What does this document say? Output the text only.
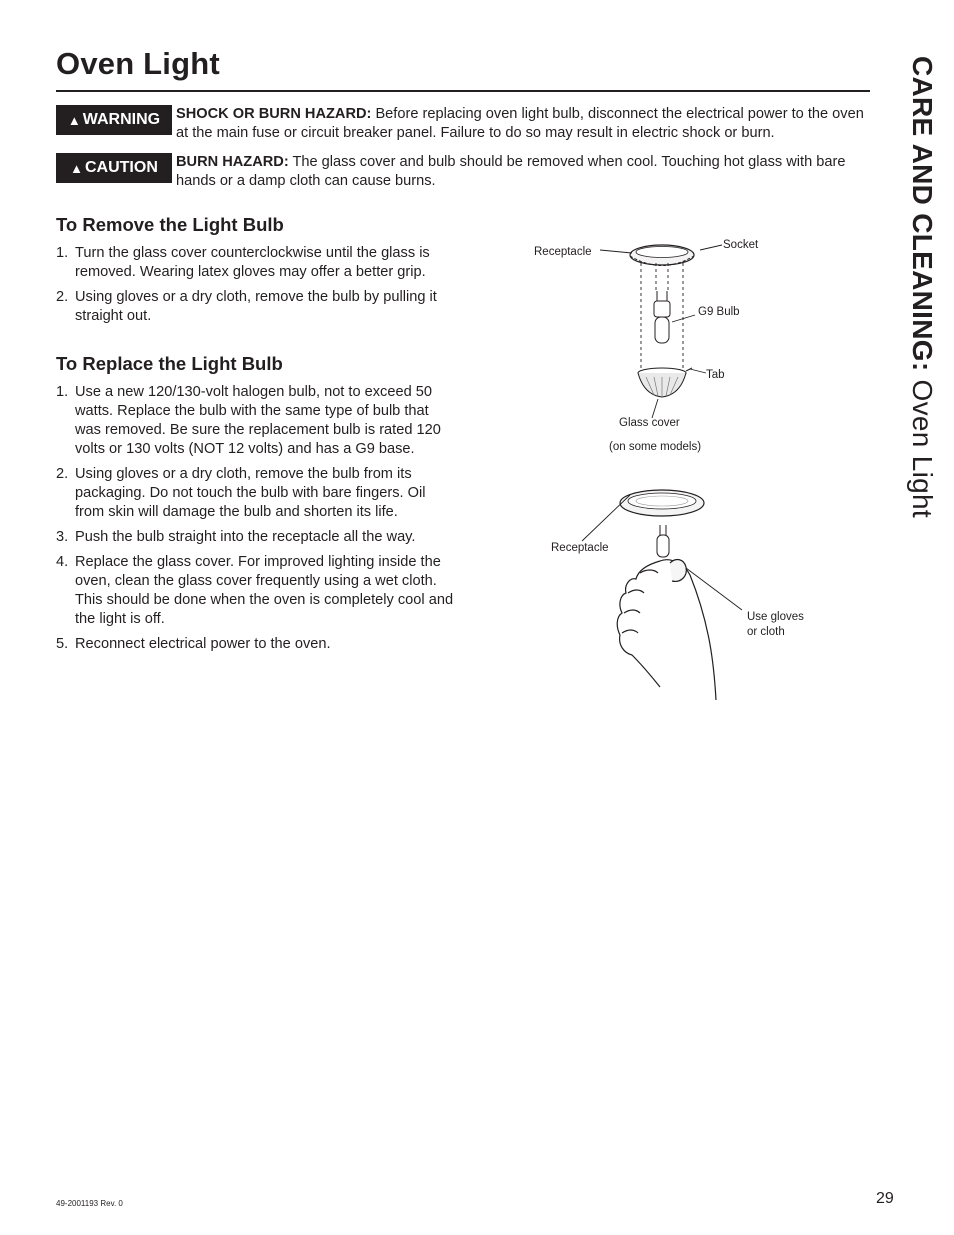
Oven Light	CARE AND CLEANING: Oven Light
▲ WARNING SHOCK OR BURN HAZARD: Before replacing oven light bulb, disconnect the electrical power to the oven at the main fuse or circuit breaker panel. Failure to do so may result in electric shock or burn.
▲ CAUTION BURN HAZARD: The glass cover and bulb should be removed when cool. Touching hot glass with bare hands or a damp cloth can cause burns.
To Remove the Light Bulb
1. Turn the glass cover counterclockwise until the glass is removed. Wearing latex gloves may offer a better grip.
2. Using gloves or a dry cloth, remove the bulb by pulling it straight out.
To Replace the Light Bulb
1. Use a new 120/130-volt halogen bulb, not to exceed 50 watts. Replace the bulb with the same type of bulb that was removed. Be sure the replacement bulb is rated 120 volts or 130 volts (NOT 12 volts) and has a G9 base.
2. Using gloves or a dry cloth, remove the bulb from its packaging. Do not touch the bulb with bare fingers. Oil from skin will damage the bulb and shorten its life.
3. Push the bulb straight into the receptacle all the way.
4. Replace the glass cover. For improved lighting inside the oven, clean the glass cover frequently using a wet cloth. This should be done when the oven is completely cool and the light is off.
5. Reconnect electrical power to the oven.
Receptacle
Socket
G9 Bulb
Tab
Glass cover
(on some models)
Receptacle
Use gloves
or cloth
49-2001193 Rev. 0	29
